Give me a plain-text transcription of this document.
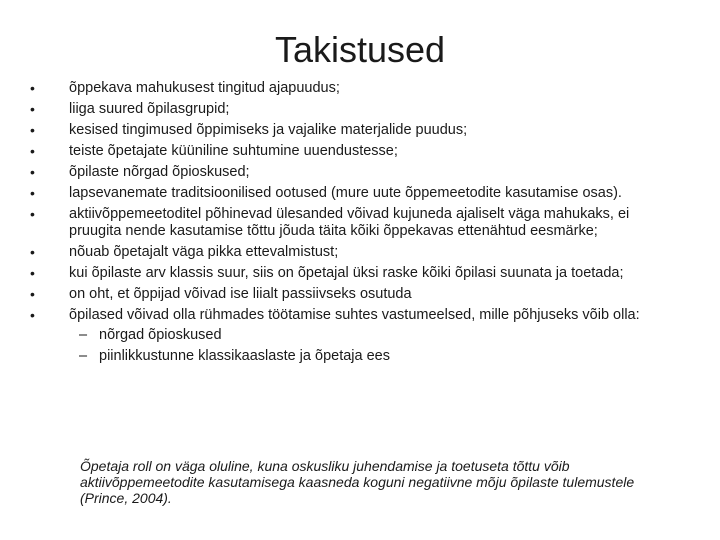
Takistused
• õppekava mahukusest tingitud ajapuudus;
• liiga suured õpilasgrupid;
• kesised tingimused õppimiseks ja vajalike materjalide puudus;
• teiste õpetajate küüniline suhtumine uuendustesse;
• õpilaste nõrgad õpioskused;
• lapsevanemate traditsioonilised ootused (mure uute õppemeetodite kasutamise osas).
• aktiivõppemeetoditel põhinevad ülesanded võivad kujuneda ajaliselt väga mahukaks, ei pruugita nende kasutamise tõttu jõuda täita kõiki õppekavas ettenähtud eesmärke;
• nõuab õpetajalt väga pikka ettevalmistust;
• kui õpilaste arv klassis suur, siis on õpetajal üksi raske kõiki õpilasi suunata ja toetada;
• on oht, et õppijad võivad ise liialt passiivseks osutuda
• õpilased võivad olla rühmades töötamise suhtes vastumeelsed, mille põhjuseks võib olla:
– nõrgad õpioskused
– piinlikkustunne klassikaaslaste ja õpetaja ees

Õpetaja roll on väga oluline, kuna oskusliku juhendamise ja toetuseta tõttu võib aktiivõppemeetodite kasutamisega kaasneda koguni negatiivne mõju õpilaste tulemustele (Prince, 2004).
